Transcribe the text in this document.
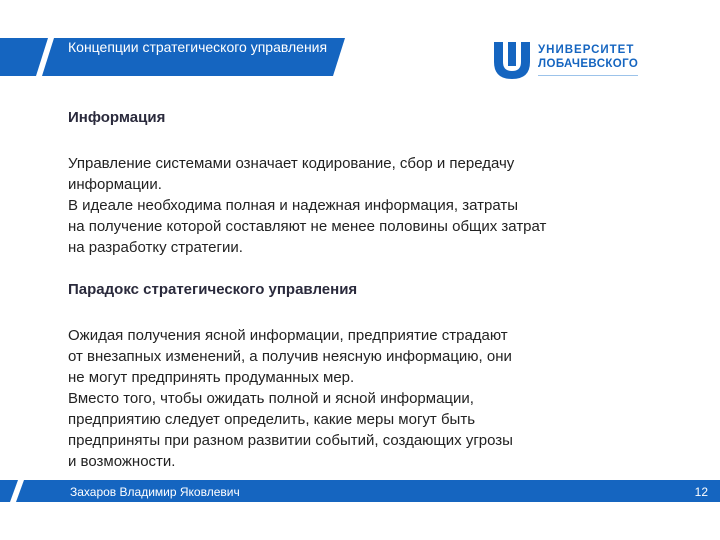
Концепции стратегического управления	УНИВЕРСИТЕТ
ЛОБАЧЕВСКОГО
Информация
Управление системами означает кодирование, сбор и передачу
информации.
В идеале необходима полная и надежная информация, затраты
на получение которой составляют не менее половины общих затрат
на разработку стратегии.
Парадокс стратегического управления
Ожидая получения ясной информации, предприятие страдают
от внезапных изменений, а получив неясную информацию, они
не могут предпринять продуманных мер.
Вместо того, чтобы ожидать полной и ясной информации,
предприятию следует определить, какие меры могут быть
предприняты при разном развитии событий, создающих угрозы
и возможности.
Захаров Владимир Яковлевич	12
